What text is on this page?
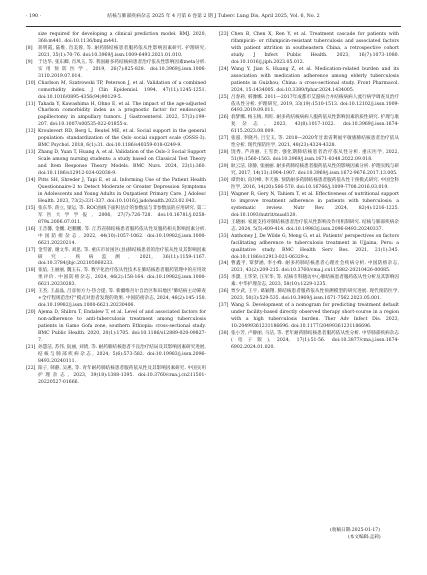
· 190 ·	结核与肺部疾病杂志 2025 年 4 月第 6 卷第 2 期 J Tuberc Lung Dis, April 2025, Vol. 6, No. 2
size required for developing a clinical prediction model. BMJ. 2020, 368:m441. doi:10.1136/bmj.m441.
[8] 蒋明霞, 陆维, 肖美蓉, 等. 耐药肺结核患者服药依从性影响因素研究. 护理研究, 2021, 35(1):70-76. doi:10.3969/j.issn.1009-6493.2021.01.010.
[9] 于达华, 张东卿, 肖凤玉, 等. 我国耐多药结核病患者治疗依从性影响因素meta分析. 实用预防医学, 2019, 26(7):825-828. doi:10.3969/j.issn.1006-3110.2019.07.014.
[10] Charlson M, Szatrowski TP, Peterson J, et al. Validation of a combined comorbidity index. J Clin Epidemiol. 1994, 47(11):1245-1251. doi:10.1016/0895-4356(94)90129-5.
[11] Takada Y, Kawashima H, Ohno E, et al. The impact of the age-adjusted Charlson comorbidity index as a prognostic factor for endoscopic papillectomy in ampullary tumors. J Gastroenterol. 2022, 57(3):199-207. doi:10.1007/s00535-022-01855-x.
[12] Kroulevert RD, Berg L, Beutel ME, et al. Social support in the general population: standardization of the Oslo social support scale (OSSS-3). BMC Psychol. 2018, 6(1):31. doi:10.1186/s40359-018-0249-9.
[13] Zhang D, Yuan T, Huang A, et al. Validation of the Oslo-3 Social Support Scale among nursing students: a study based on Classical Test Theory and Item Response Theory Models. BMC Nurs. 2024, 23(1):360. doi:10.1186/s12912-024-02038-9.
[14] Pitts SH, Shreder J, Tapi E, et al. Informing Use of the Patient Health Questionnaire-2 to Detect Moderate or Greater Depression Symptoms in Adolescents and Young Adults in Outpatient Primary Care. J Adolesc Health. 2023, 73(2):331-337. doi:10.1016/j.jadohealth.2023.02.043.
[15] 张东华, 蒋立, 梁运, 等. ROC曲线下面积估计的参数法与非参数法的应用研究. 第二军医大学学报, 2006, 27(7):726-728. doi:10.16781/j.0258-879x.2006.07.011.
[16] 王音馨, 金鹏, 赵鹏鹏, 等. 江苏省肺结核患者服药依从性及服药相关影响因素分析. 中国防痨杂志, 2022, 44(10):1057-1062. doi:10.19982/j.issn.1000-6621.20220214.
[17] 金雪蕾, 谢文华, 刘思, 等. 重庆市贫困区(县)肺结核患者的治疗依从性及其影响因素研究. 疾病监测, 2021, 36(11):1159-1167. doi:10.3784/jbjc.202105060233.
[18] 张焰, 王丽丽, 魏玉石, 等. 数字化治疗依从性技术在肺结核患者服药管理中的应用效果评价. 中国防痨杂志, 2024, 46(2):158-164. doi:10.19982/j.issn.1000-6621.20230283.
[19] 王杰, 王晶晶, 吕彦恒方力·热合提, 等. 新疆维吾尔自治区和田地区"肺结病主动筛查+全疗程规范治疗"模式对患者发现的效果. 中国防痨杂志, 2024, 46(2):145-150. doi:10.19982/j.issn.1000-6621.20230406.
[20] Ajema D, Shibru T, Endalew T, et al. Level of and associated factors for non-adherence to anti-tuberculosis treatment among tuberculosis patients in Gamo Gofa zone, southern Ethiopia: cross-sectional study. BMC Public Health. 2020, 20(1):1705. doi:10.1186/s12889-020-09827-7.
[21] 孙慧洁, 苏伟, 阮丽, 刘倩, 等. 耐药肺结核患者不良治疗结局及其影响因素研究进展. 结核与肺部疾病杂志, 2024, 5(6):573-582. doi:10.19983/j.issn.2096-8493.20240111.
[22] 阳子, 韩静, 吴惠, 等. 青年耐药肺结核患者服药依从性及其影响因素研究. 中国实用护理杂志, 2023, 39(18):1388-1395. doi:10.3760/cma.j.cn211501-20220527-01666.
[23] Chen B, Chen X, Ren Y, et al. Treatment cascade for patients with rifampicin- or rifampicin-resistant tuberculosis and associated factors with patient attrition in southeastern China, a retrospective cohort study. J Infect Public Health. 2023, 16(7):1073-1080. doi:10.1016/j.jiph.2023.05.012.
[24] Wang Y, Jian S, Huang Z, et al. Medication-related burden and its association with medication adherence among elderly tuberculosis patients in Guizhou, China: a cross-sectional study. Front Pharmacol. 2024, 15:1434005. doi:10.3389/fphar.2024.1434005.
[25] 吕春莉, 韩豫娜. 2011—2017年成都市艾滋病合并结核病病人流行病学调查及治疗依从性分析. 护理研究, 2019, 33(19):1510-1513. doi:10.12102/j.issn.1009-6493.2019.09.011.
[26] 翁梦娜, 杨玉梅, 周旺. 耐多药结核病病人服药依从性影响因素的质性研究. 护理与康复杂志, 2023, 43(8):1017-1022. doi:10.3969/j.issn.1674-6115.2023.08.009.
[27] 张滋, 李晓丹, 吕宝玉, 等. 2018—2020年甘肃省利福平敏感肺结核患者治疗依从性分析. 现代预防医学, 2021, 48(23):4324-4328.
[28] 饶秀, 芦涛丽, 王雪贵. 强化期肺结核患者治疗依从性分析. 重庆医学, 2022, 51(9):1560-1563. doi:10.3969/j.issn.1671-8348.2022.09.018.
[29] 耿云洁, 徐静, 张丽丽. 耐多药肺结核患者服药依从性的影响因素分析. 护理实践与研究, 2017, 14(13):1904-1907. doi:10.3969/j.issn.1672-9676.2017.13.005.
[30] 谭贵如, 向玲峰, 李天骆. 预防耐多药肺结核患者服药依从性干预模式研究. 中国全科医学, 2016, 14(20):566-570. doi:10.16766/j.1009-7708.2016.03.019.
[31] Wagner R, Gery N, Tahiem T, et al. Effectiveness of nutritional support to improve treatment adherence in patients with tuberculosis: a systematic review. Nutr Rev. 2024, 82(4):1216-1225. doi:10.1093/nutrit/nuad120.
[32] 王晓丽. 家庭支持对肺结核患者治疗依从性影响及作用机制研究. 结核与肺部疾病杂志, 2024, 5(5):409-414. doi:10.19983/j.issn.2096-8493.20240337.
[33] Anthoney J, De Wilde G, Meng G, et al. Patients' perspectives on factors facilitating adherence to tuberculosis treatment in Ujjaina, Peru: a qualitative study. BMC Health Serv Res. 2021, 21(1):345. doi:10.1186/s12913-021-06329-x.
[34] 曹鑫平, 覃梦涵, 李小峰. 耐多药肺结核患者心理社会疾病分析. 中国防痨杂志, 2021, 43(2):209-215. doi:10.3760/cma.j.cn115882-20210426-00085.
[35] 李潇, 王华荣, 汪军华, 等. 结核专科随访中心肺结核患者服药依从性分析及其影响因素. 中华护理杂志, 2023, 58(10):1229-1235.
[36] 贾少武, 王宇, 葛颖翔. 肺结核患者服药依从性预测模型的研究进展. 现代预防医学, 2023, 50(3):529-535. doi:10.3969/j.issn.1671-7562.2023.05.001.
[37] Wang S. Development of a nomogram for predicting treatment default under facility-based directly observed therapy short-course in a region with a high tuberculosis burden. Ther Adv Infect Dis. 2023, 10:20499361231186696. doi:10.1177/20499361231186696.
[38] 张小芳, 卢静丽, 马洁, 等. 老年耐药肺结核患者服药依从性分析. 中华肺部疾病杂志(电子版), 2024, 17(1):51-56. doi:10.3877/cma.j.issn.1674-6902.2024.01.020.
(收稿日期:2025-01-17)
(本文编辑:孟莉)
